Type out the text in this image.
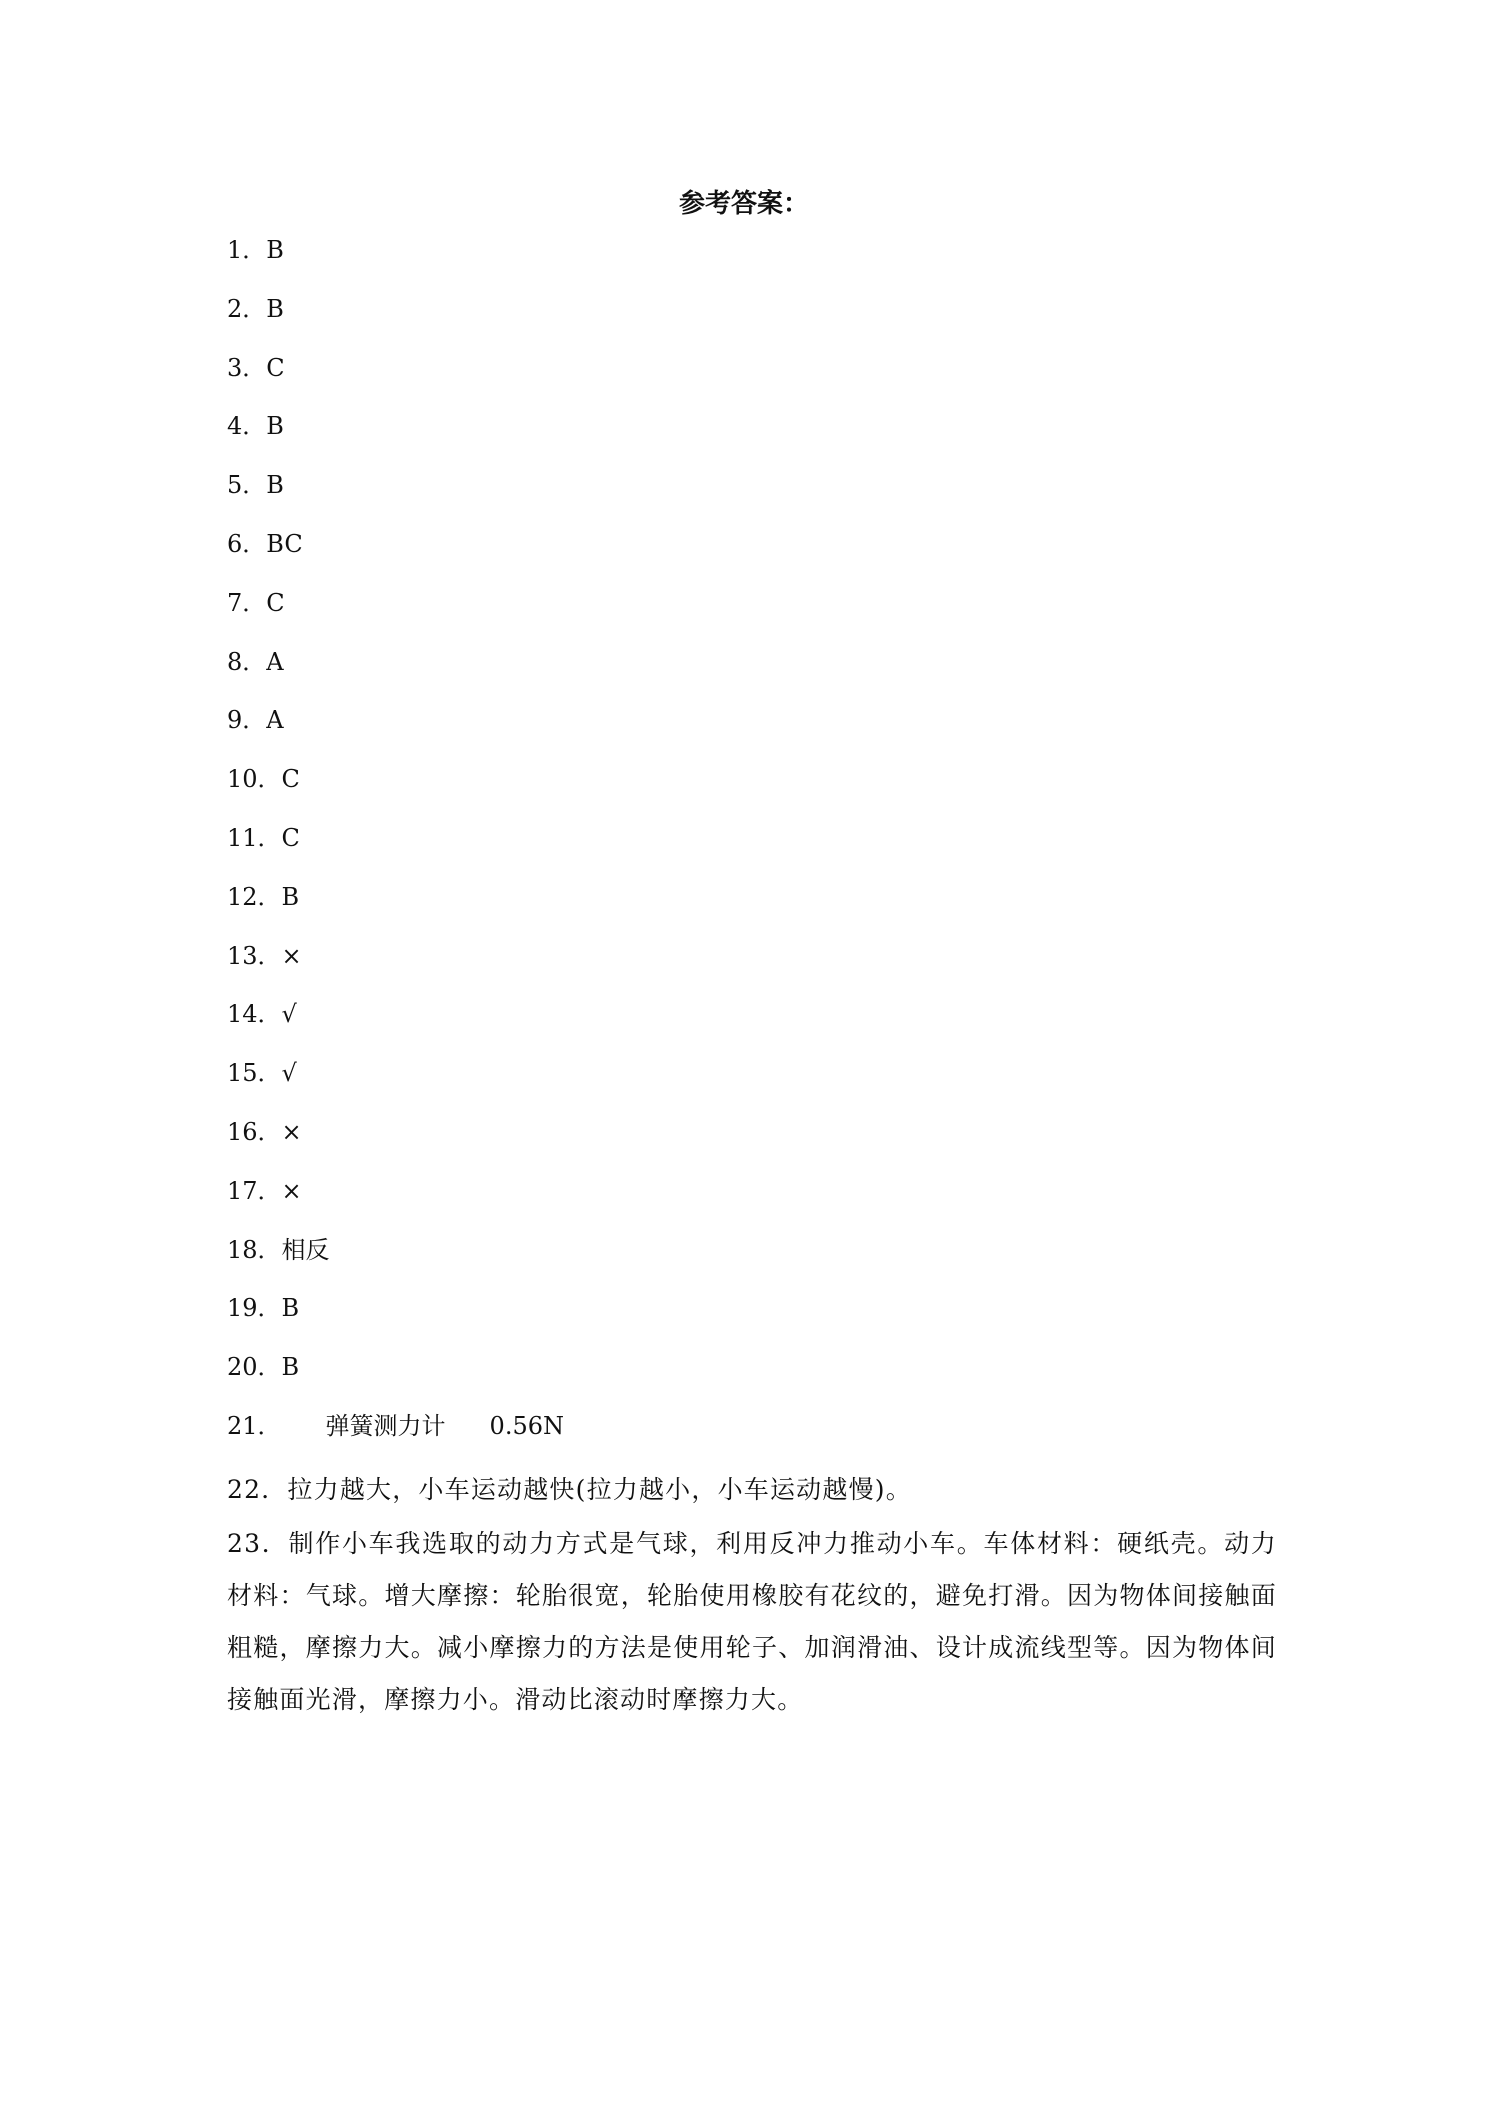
参考答案：
1．B
2．B
3．C
4．B
5．B
6．BC
7．C
8．A
9．A
10．C
11．C
12．B
13．×
14．√
15．√
16．×
17．×
18．相反
19．B
20．B
21． 弹簧测力计 0.56N
22．拉力越大，小车运动越快(拉力越小，小车运动越慢)。
23．制作小车我选取的动力方式是气球，利用反冲力推动小车。车体材料：硬纸壳。动力材料：气球。增大摩擦：轮胎很宽，轮胎使用橡胶有花纹的，避免打滑。因为物体间接触面粗糙，摩擦力大。减小摩擦力的方法是使用轮子、加润滑油、设计成流线型等。因为物体间接触面光滑，摩擦力小。滑动比滚动时摩擦力大。
